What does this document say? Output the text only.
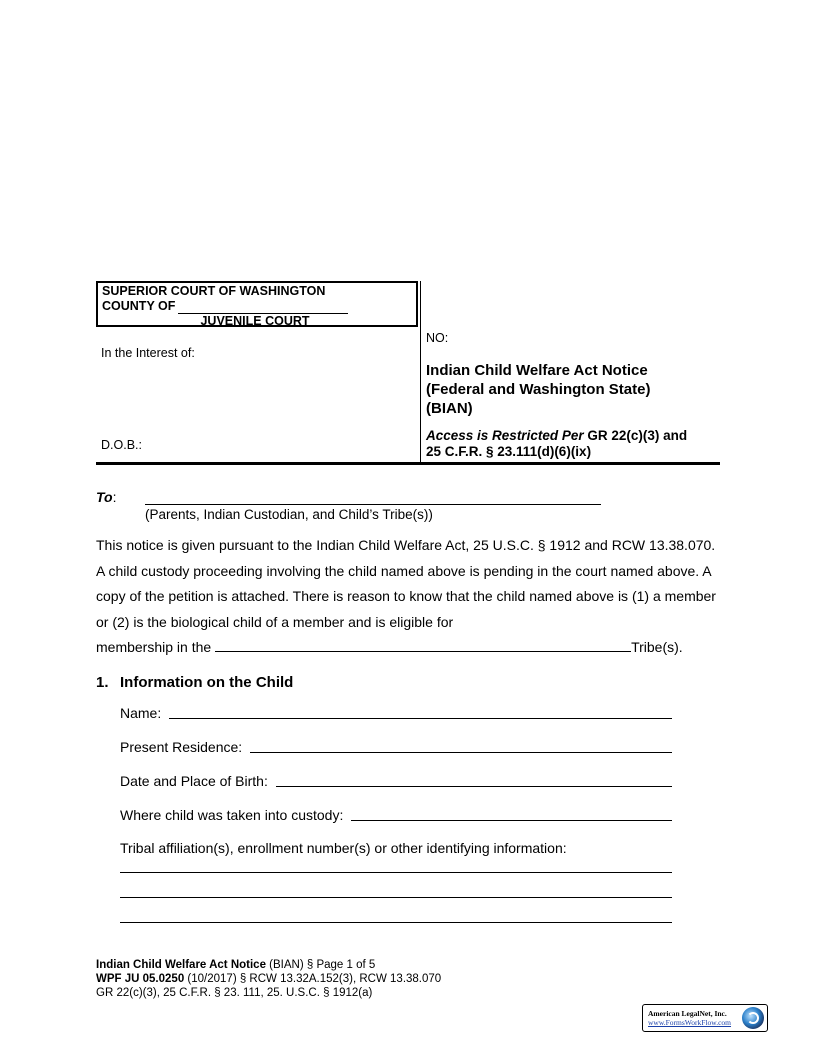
SUPERIOR COURT OF WASHINGTON
COUNTY OF
JUVENILE COURT
NO:
In the Interest of:
D.O.B.:
Indian Child Welfare Act Notice
(Federal and Washington State)
(BIAN)
Access is Restricted Per GR 22(c)(3) and
25 C.F.R. § 23.111(d)(6)(ix)
To:
(Parents, Indian Custodian, and Child’s Tribe(s))
This notice is given pursuant to the Indian Child Welfare Act, 25 U.S.C. § 1912 and RCW 13.38.070. A child custody proceeding involving the child named above is pending in the court named above. A copy of the petition is attached. There is reason to know that the child named above is (1) a member or (2) is the biological child of a member and is eligible for
membership in the	Tribe(s).
1. Information on the Child
Name:
Present Residence:
Date and Place of Birth:
Where child was taken into custody:
Tribal affiliation(s), enrollment number(s) or other identifying information:
Indian Child Welfare Act Notice (BIAN) § Page 1 of 5
WPF JU 05.0250 (10/2017) § RCW 13.32A.152(3), RCW 13.38.070
GR 22(c)(3), 25 C.F.R. § 23. 111, 25. U.S.C. § 1912(a)
American LegalNet, Inc.
www.FormsWorkFlow.com
